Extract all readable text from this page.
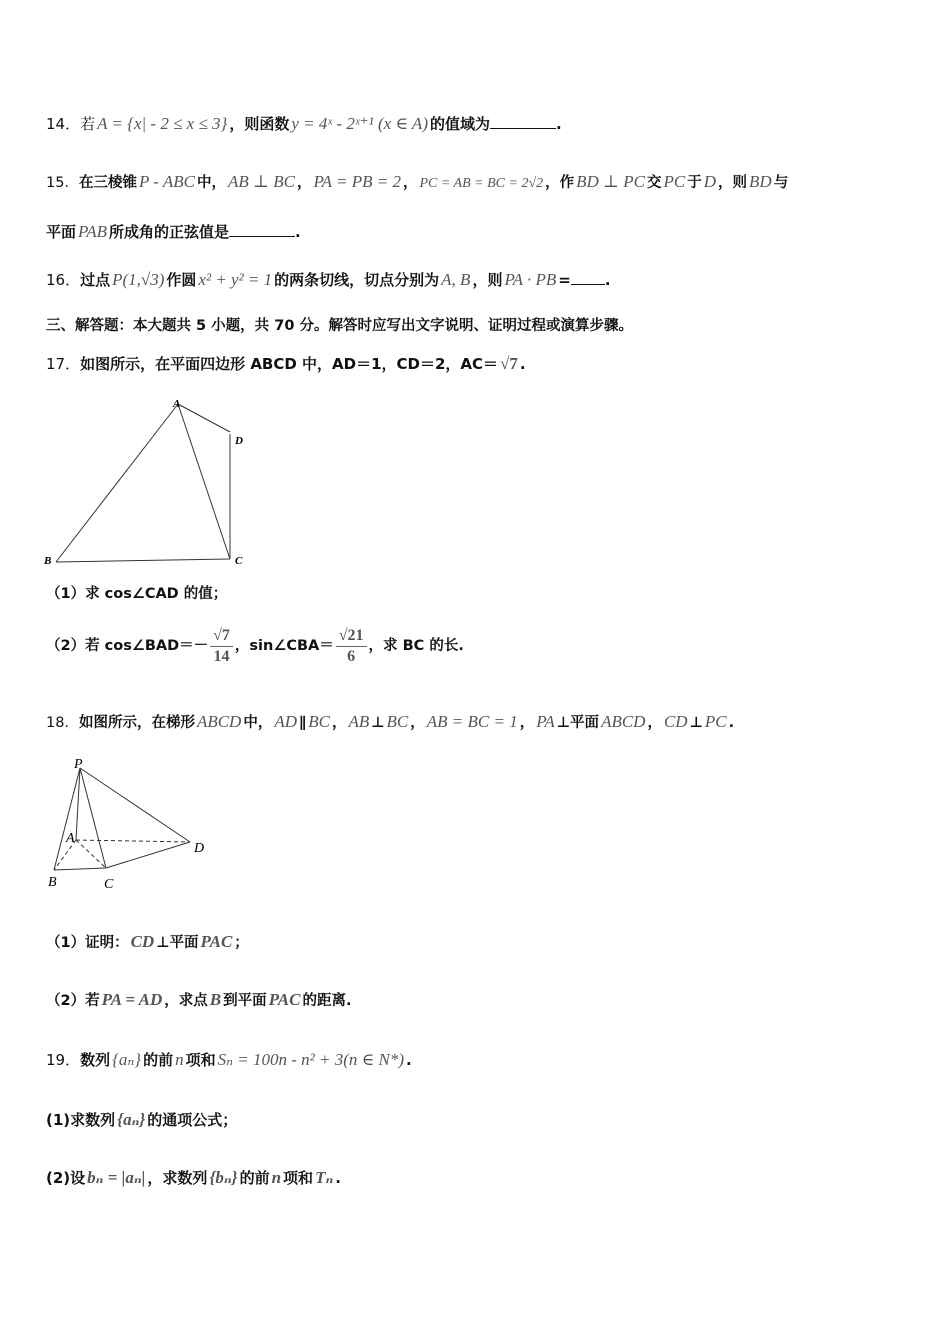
14．若 A = {x| - 2 ≤ x ≤ 3} ，则函数 y = 4ˣ - 2ˣ⁺¹ (x ∈ A) 的值域为	.
15．在三棱锥 P - ABC 中， AB ⊥ BC ， PA = PB = 2 ， PC = AB = BC = 2√2 ，作 BD ⊥ PC 交 PC 于 D ，则 BD 与
平面 PAB 所成角的正弦值是	.
16．过点 P(1,√3) 作圆 x² + y² = 1 的两条切线，切点分别为 A, B ，则 PA · PB = .
三、解答题：本大题共 5 小题，共 70 分。解答时应写出文字说明、证明过程或演算步骤。
17．如图所示，在平面四边形 ABCD 中，AD＝1，CD＝2，AC＝ √7 .
A
D
B	C
（1）求 cos∠CAD 的值；
（2）若 cos∠BAD＝－ $\frac{√7}{14}$ ，sin∠CBA＝ $\frac{√21}{6}$ ，求 BC 的长.
18．如图所示，在梯形 ABCD 中， AD ∥ BC ， AB ⊥ BC ， AB = BC = 1 ， PA ⊥平面 ABCD ， CD ⊥ PC .
P
A
B	C
D
（1）证明： CD ⊥平面 PAC ；
（2）若 PA = AD ，求点 B 到平面 PAC 的距离.
19．数列 {aₙ} 的前 n 项和 Sₙ = 100n - n² + 3(n ∈ N*) .
(1)求数列 {aₙ} 的通项公式；
(2)设 bₙ = |aₙ| ，求数列 {bₙ} 的前 n 项和 Tₙ .
